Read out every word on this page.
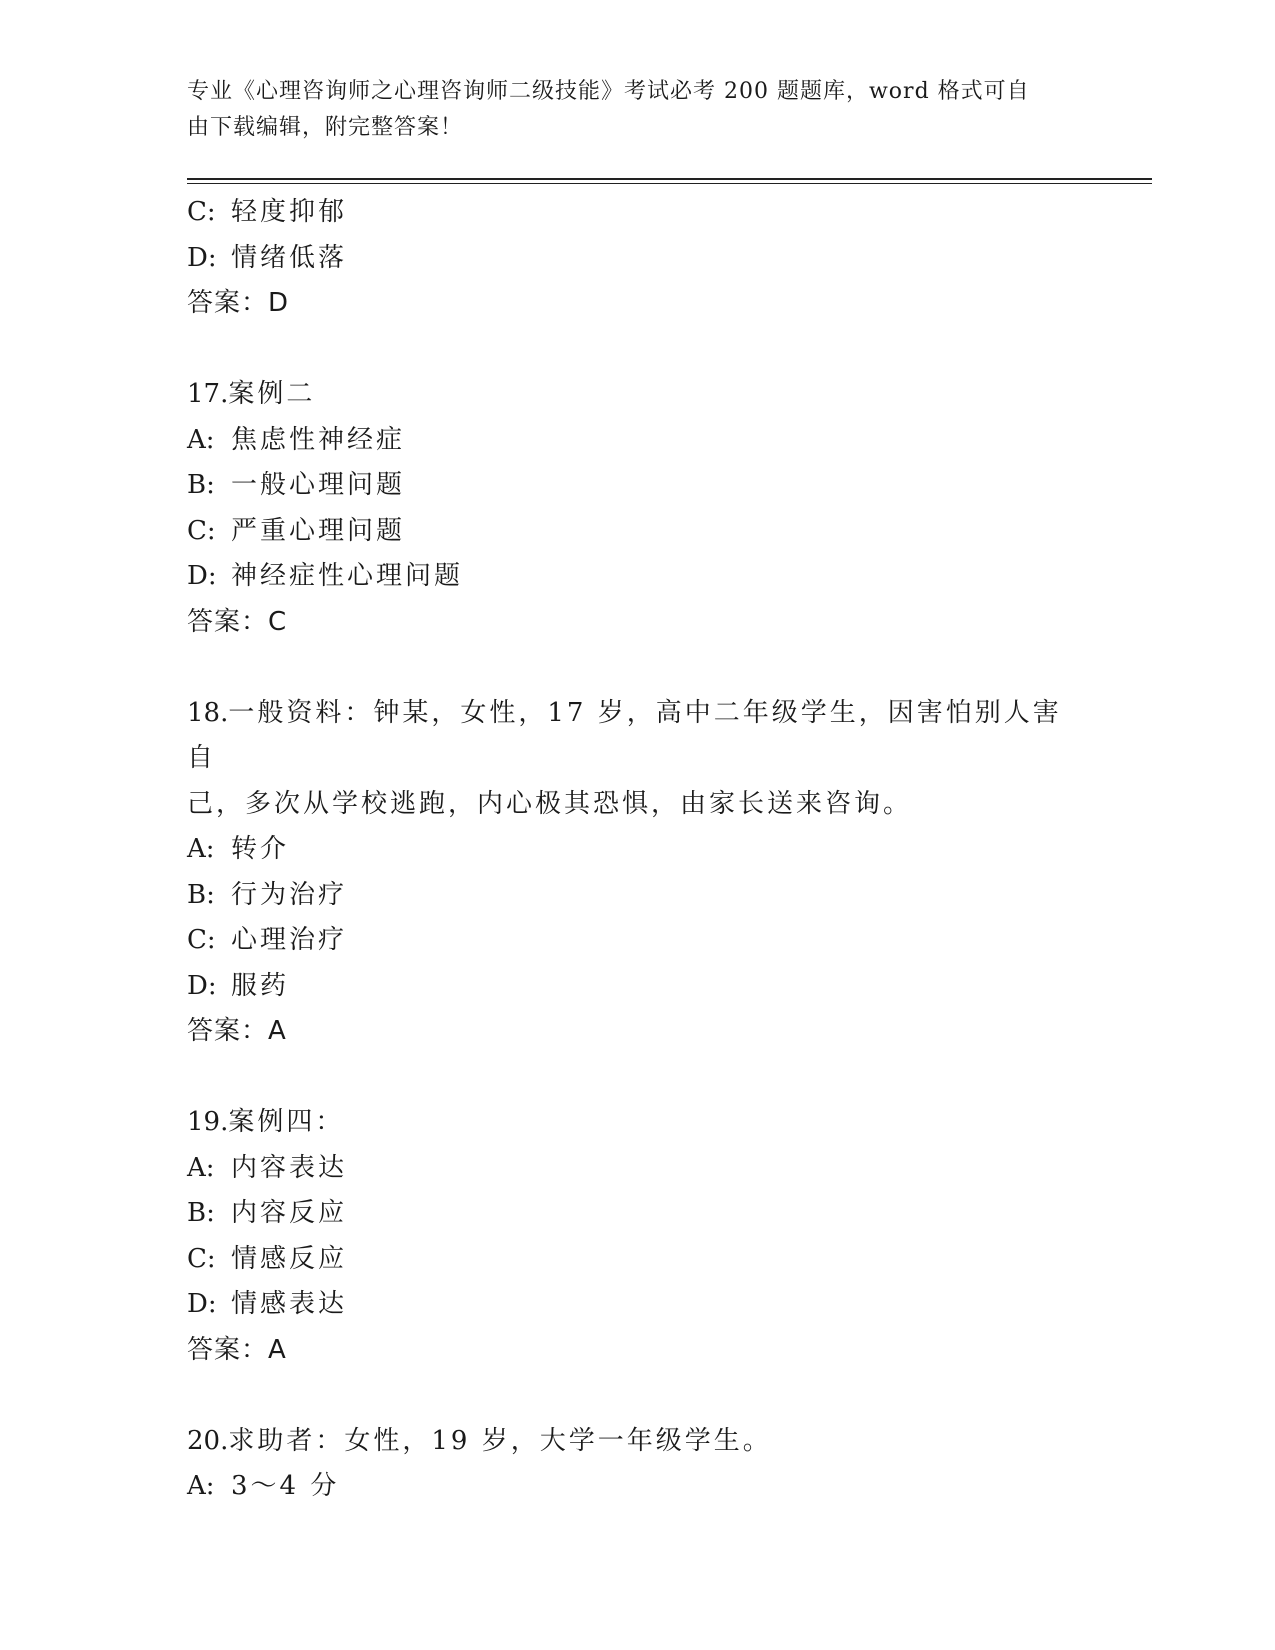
专业《心理咨询师之心理咨询师二级技能》考试必考 200 题题库，word 格式可自
由下载编辑，附完整答案！
C: 轻度抑郁
D: 情绪低落
答案：D
17.案例二
A: 焦虑性神经症
B: 一般心理问题
C: 严重心理问题
D: 神经症性心理问题
答案：C
18.一般资料：钟某，女性，17 岁，高中二年级学生，因害怕别人害自
己，多次从学校逃跑，内心极其恐惧，由家长送来咨询。
A: 转介
B: 行为治疗
C: 心理治疗
D: 服药
答案：A
19.案例四：
A: 内容表达
B: 内容反应
C: 情感反应
D: 情感表达
答案：A
20.求助者：女性，19 岁，大学一年级学生。
A: 3～4 分
